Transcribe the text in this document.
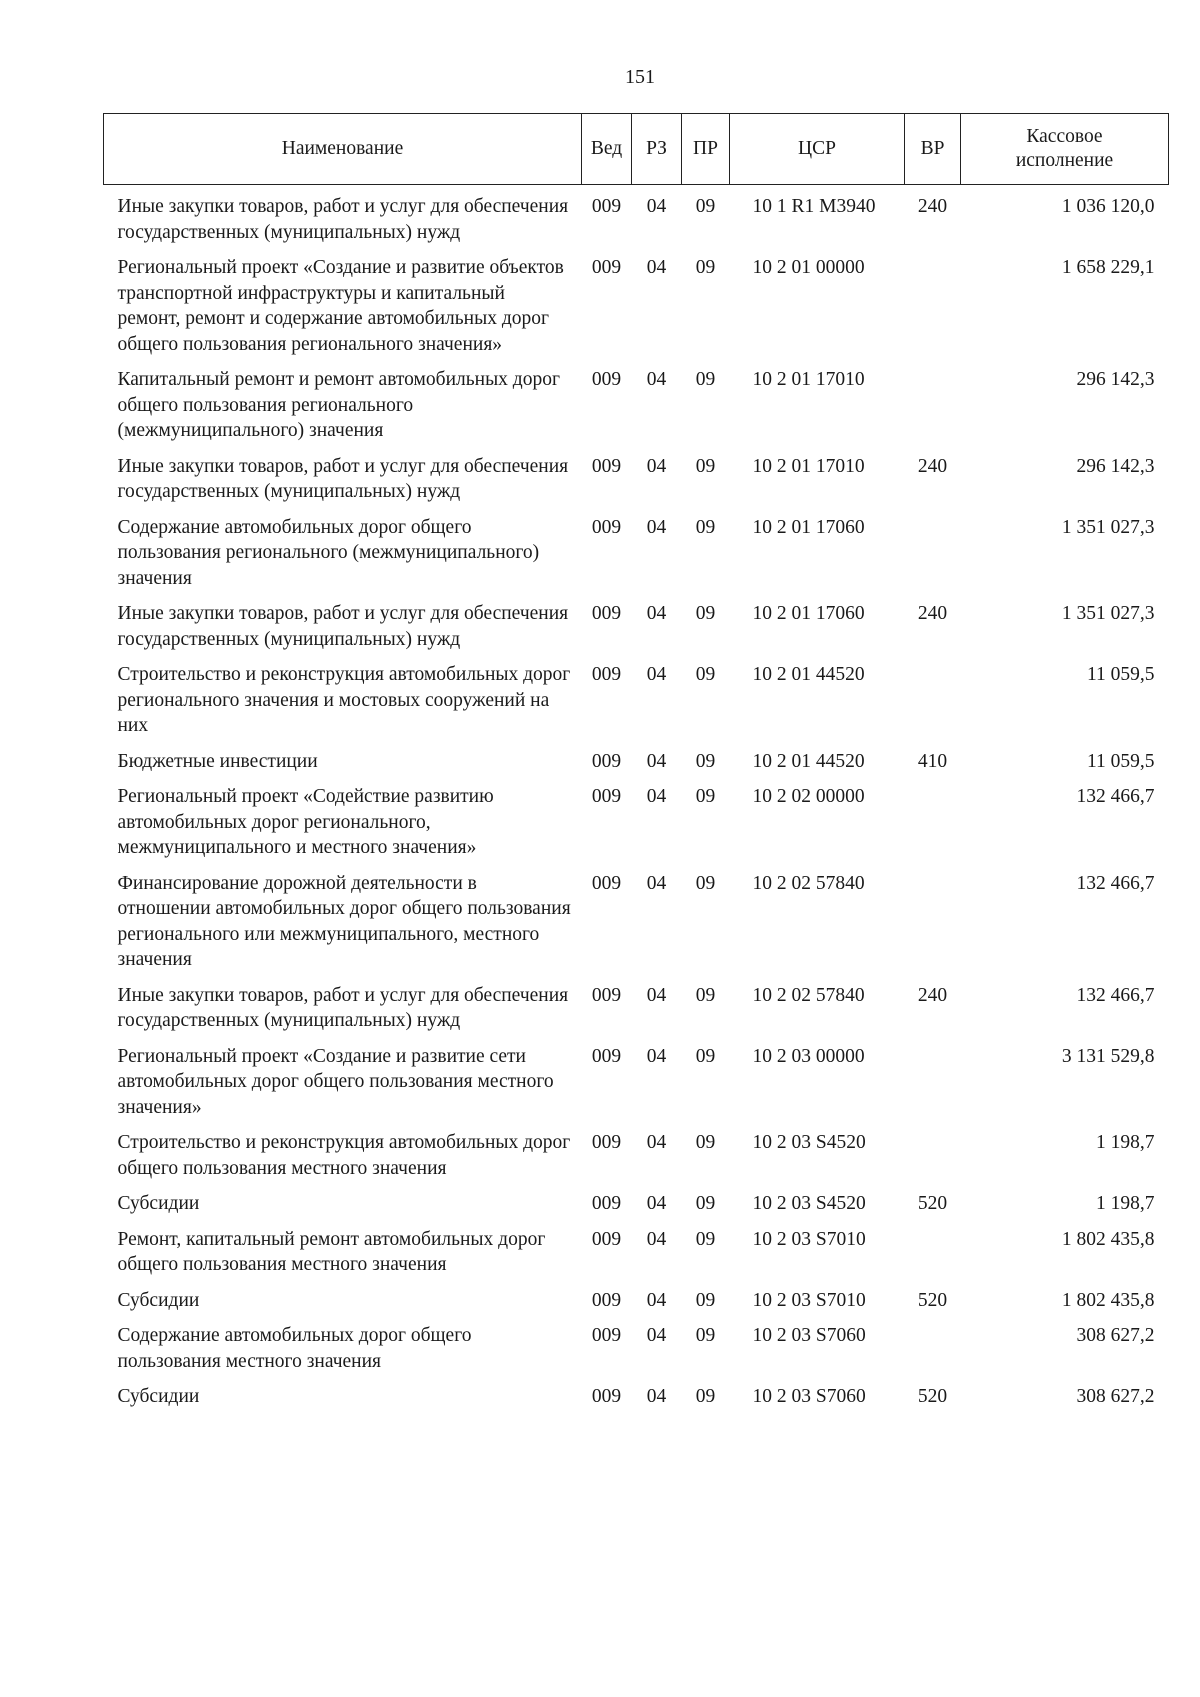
151
Наименование	Вед	РЗ	ПР	ЦСР	ВР	Кассовое исполнение
Иные закупки товаров, работ и услуг для обеспечения государственных (муниципальных) нужд	009	04	09	10 1 R1 М3940	240	1 036 120,0
Региональный проект «Создание и развитие объектов транспортной инфраструктуры и капитальный ремонт, ремонт и содержание автомобильных дорог общего пользования регионального значения»	009	04	09	10 2 01 00000		1 658 229,1
Капитальный ремонт и ремонт автомобильных дорог общего пользования регионального (межмуниципального) значения	009	04	09	10 2 01 17010		296 142,3
Иные закупки товаров, работ и услуг для обеспечения государственных (муниципальных) нужд	009	04	09	10 2 01 17010	240	296 142,3
Содержание автомобильных дорог общего пользования регионального (межмуниципального) значения	009	04	09	10 2 01 17060		1 351 027,3
Иные закупки товаров, работ и услуг для обеспечения государственных (муниципальных) нужд	009	04	09	10 2 01 17060	240	1 351 027,3
Строительство и реконструкция автомобильных дорог регионального значения и мостовых сооружений на них	009	04	09	10 2 01 44520		11 059,5
Бюджетные инвестиции	009	04	09	10 2 01 44520	410	11 059,5
Региональный проект «Содействие развитию автомобильных дорог регионального, межмуниципального и местного значения»	009	04	09	10 2 02 00000		132 466,7
Финансирование дорожной деятельности в отношении автомобильных дорог общего пользования регионального или межмуниципального, местного значения	009	04	09	10 2 02 57840		132 466,7
Иные закупки товаров, работ и услуг для обеспечения государственных (муниципальных) нужд	009	04	09	10 2 02 57840	240	132 466,7
Региональный проект «Создание и развитие сети автомобильных дорог общего пользования местного значения»	009	04	09	10 2 03 00000		3 131 529,8
Строительство и реконструкция автомобильных дорог общего пользования местного значения	009	04	09	10 2 03 S4520		1 198,7
Субсидии	009	04	09	10 2 03 S4520	520	1 198,7
Ремонт, капитальный ремонт автомобильных дорог общего пользования местного значения	009	04	09	10 2 03 S7010		1 802 435,8
Субсидии	009	04	09	10 2 03 S7010	520	1 802 435,8
Содержание автомобильных дорог общего пользования местного значения	009	04	09	10 2 03 S7060		308 627,2
Субсидии	009	04	09	10 2 03 S7060	520	308 627,2
